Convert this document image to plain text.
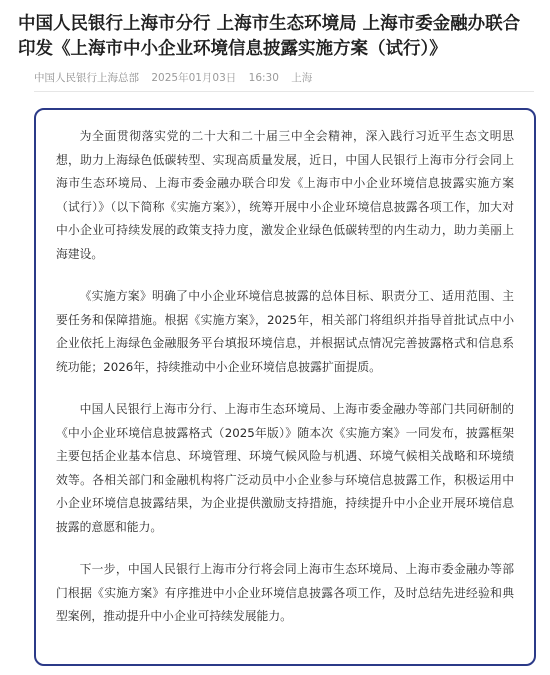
中国人民银行上海市分行 上海市生态环境局 上海市委金融办联合印发《上海市中小企业环境信息披露实施方案（试行）》
中国人民银行上海总部 2025年01月03日 16:30 上海

为全面贯彻落实党的二十大和二十届三中全会精神，深入践行习近平生态文明思想，助力上海绿色低碳转型、实现高质量发展，近日，中国人民银行上海市分行会同上海市生态环境局、上海市委金融办联合印发《上海市中小企业环境信息披露实施方案（试行）》（以下简称《实施方案》），统筹开展中小企业环境信息披露各项工作，加大对中小企业可持续发展的政策支持力度，激发企业绿色低碳转型的内生动力，助力美丽上海建设。

《实施方案》明确了中小企业环境信息披露的总体目标、职责分工、适用范围、主要任务和保障措施。根据《实施方案》，2025年，相关部门将组织并指导首批试点中小企业依托上海绿色金融服务平台填报环境信息，并根据试点情况完善披露格式和信息系统功能；2026年，持续推动中小企业环境信息披露扩面提质。

中国人民银行上海市分行、上海市生态环境局、上海市委金融办等部门共同研制的《中小企业环境信息披露格式（2025年版）》随本次《实施方案》一同发布，披露框架主要包括企业基本信息、环境管理、环境气候风险与机遇、环境气候相关战略和环境绩效等。各相关部门和金融机构将广泛动员中小企业参与环境信息披露工作，积极运用中小企业环境信息披露结果，为企业提供激励支持措施，持续提升中小企业开展环境信息披露的意愿和能力。

下一步，中国人民银行上海市分行将会同上海市生态环境局、上海市委金融办等部门根据《实施方案》有序推进中小企业环境信息披露各项工作，及时总结先进经验和典型案例，推动提升中小企业可持续发展能力。
